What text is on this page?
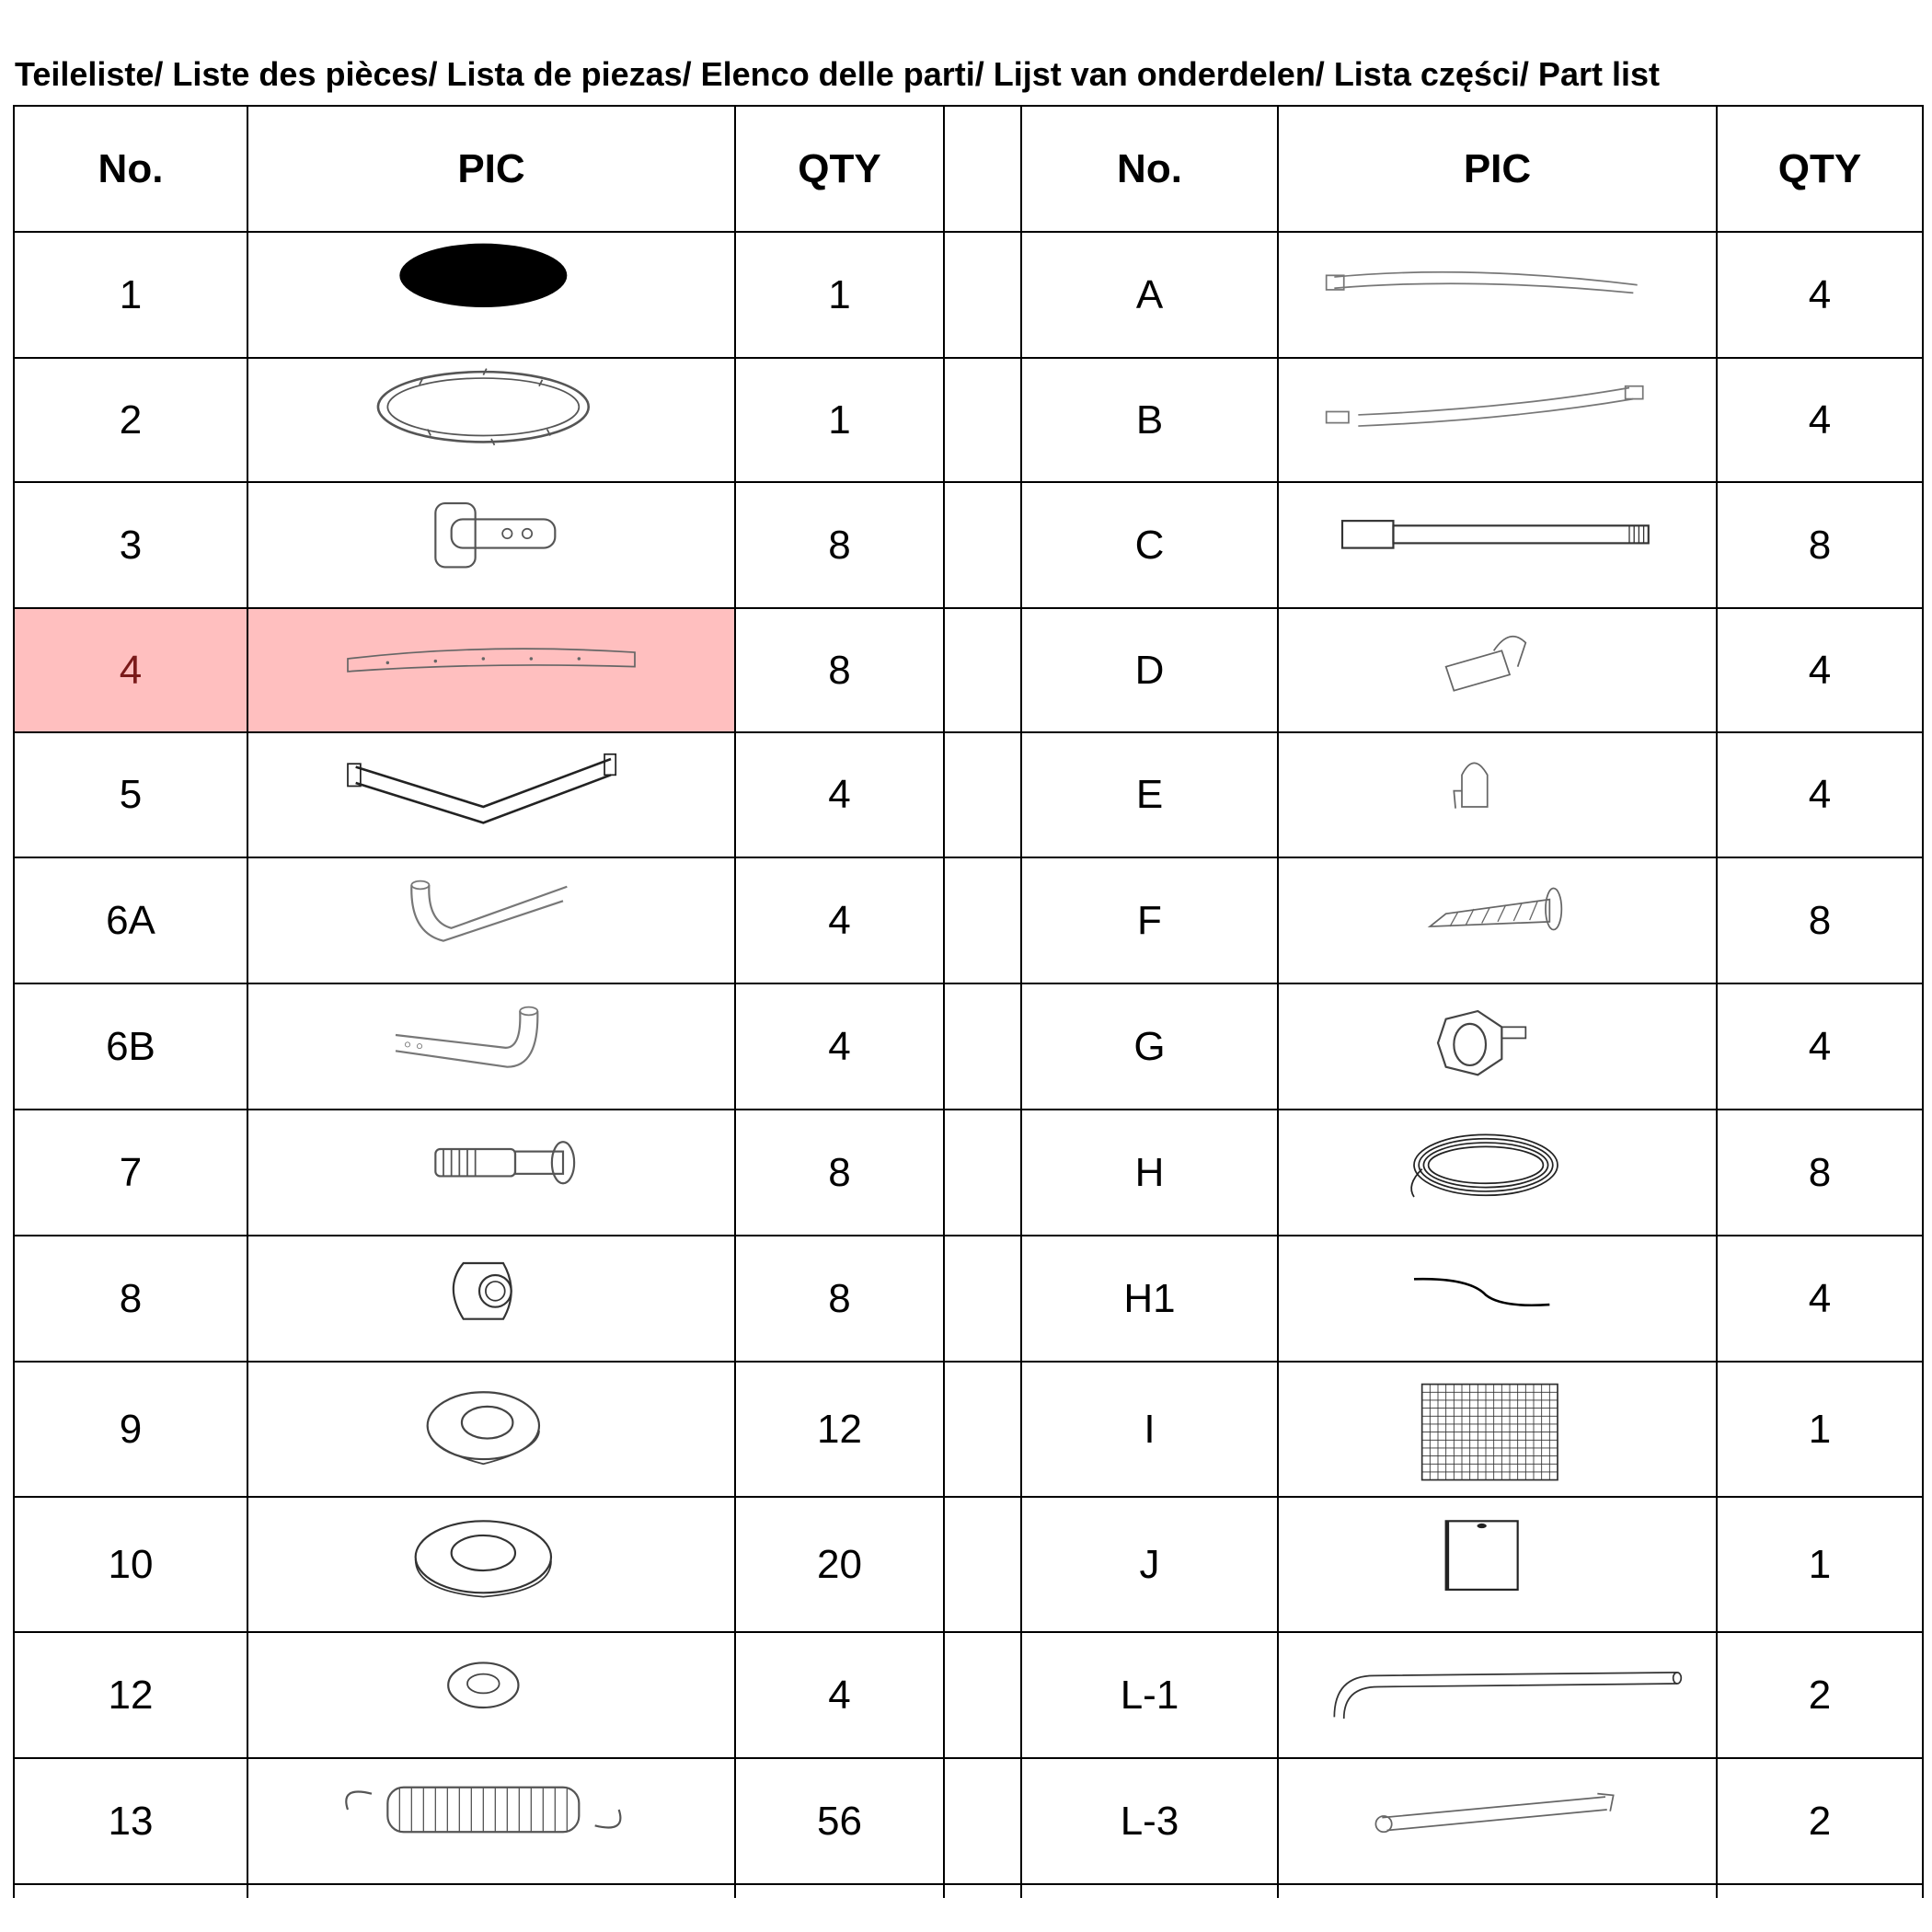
Teileliste/ Liste des pièces/ Lista de piezas/ Elenco delle parti/ Lijst van onderdelen/ Lista części/ Part list
No.	PIC	QTY		No.	PIC	QTY
1		1		A		4
2		1		B		4
3		8		C		8
4		8		D		4
5		4		E		4
6A		4		F		8
6B		4		G		4
7		8		H		8
8		8		H1		4
9		12		I		1
10		20		J		1
12		4		L-1		2
13		56		L-3		2
